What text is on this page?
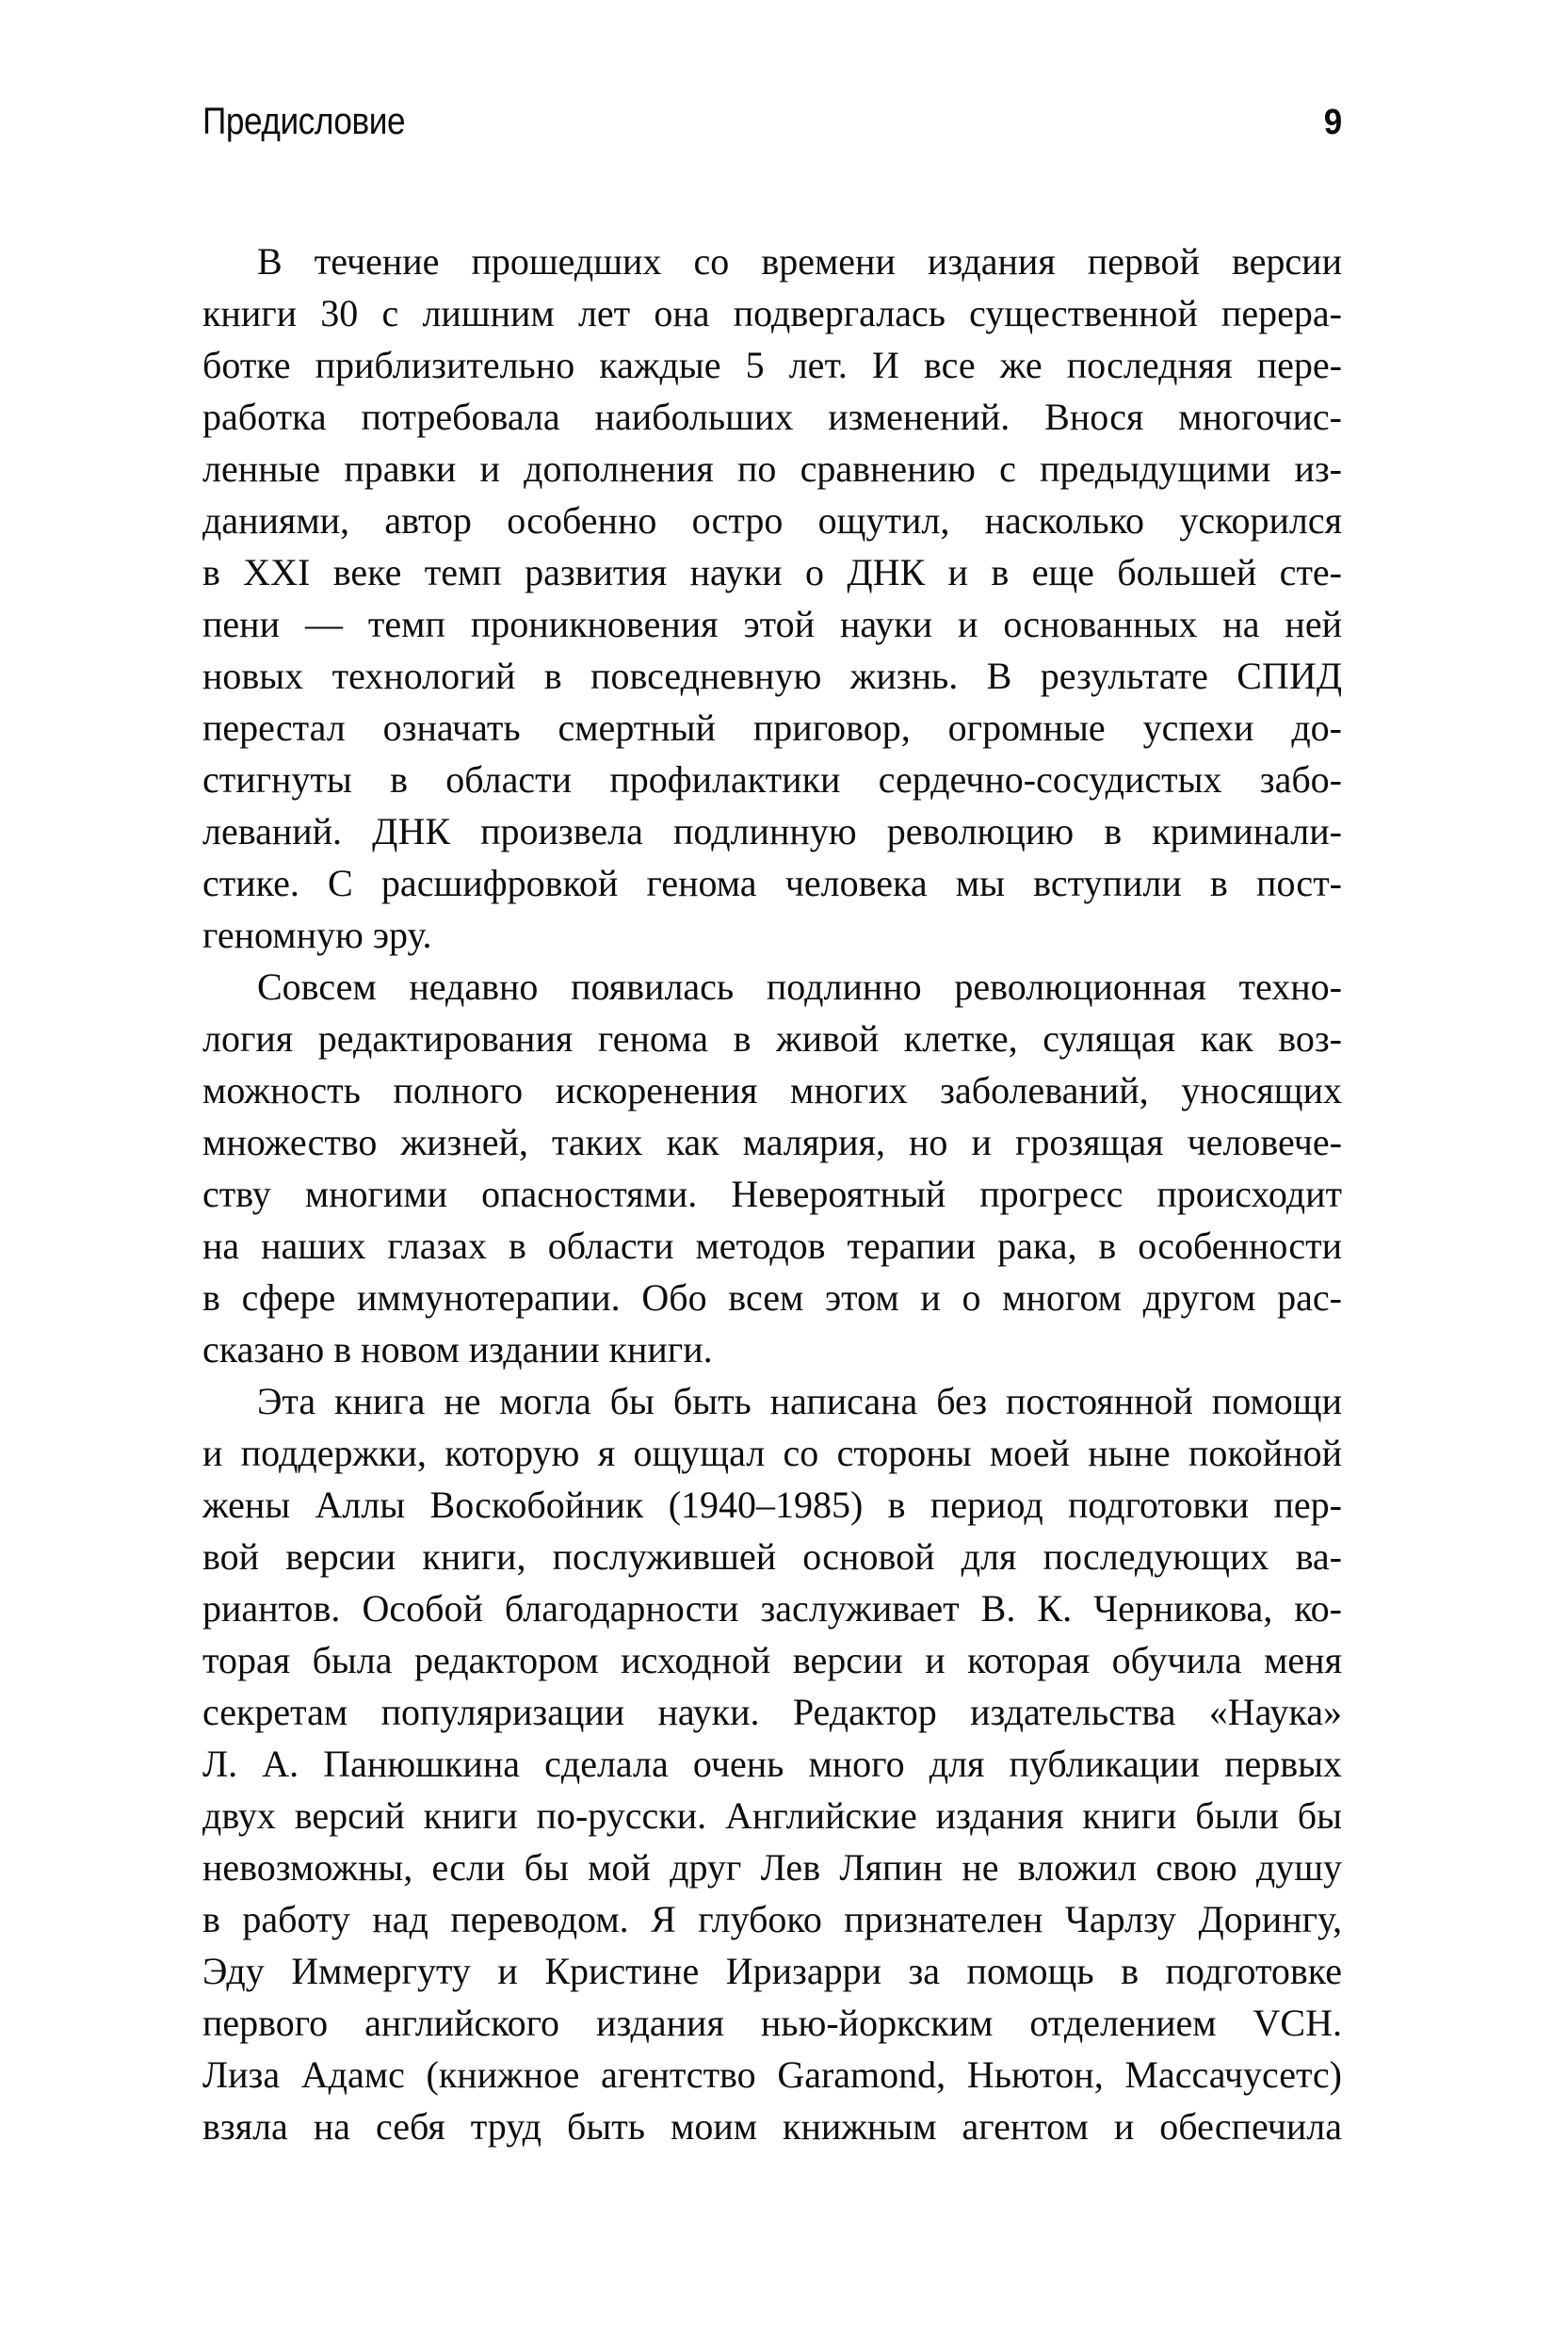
Предисловие	9
В течение прошедших со времени издания первой версии
книги 30 с лишним лет она подвергалась существенной перера-
ботке приблизительно каждые 5 лет. И все же последняя пере-
работка потребовала наибольших изменений. Внося многочис-
ленные правки и дополнения по сравнению с предыдущими из-
даниями, автор особенно остро ощутил, насколько ускорился
в XXI веке темп развития науки о ДНК и в еще большей сте-
пени — темп проникновения этой науки и основанных на ней
новых технологий в повседневную жизнь. В результате СПИД
перестал означать смертный приговор, огромные успехи до-
стигнуты в области профилактики сердечно-сосудистых забо-
леваний. ДНК произвела подлинную революцию в криминали-
стике. С расшифровкой генома человека мы вступили в пост-
геномную эру.
Совсем недавно появилась подлинно революционная техно-
логия редактирования генома в живой клетке, сулящая как воз-
можность полного искоренения многих заболеваний, уносящих
множество жизней, таких как малярия, но и грозящая человече-
ству многими опасностями. Невероятный прогресс происходит
на наших глазах в области методов терапии рака, в особенности
в сфере иммунотерапии. Обо всем этом и о многом другом рас-
сказано в новом издании книги.
Эта книга не могла бы быть написана без постоянной помощи
и поддержки, которую я ощущал со стороны моей ныне покойной
жены Аллы Воскобойник (1940–1985) в период подготовки пер-
вой версии книги, послужившей основой для последующих ва-
риантов. Особой благодарности заслуживает В. К. Черникова, ко-
торая была редактором исходной версии и которая обучила меня
секретам популяризации науки. Редактор издательства «Наука»
Л. А. Панюшкина сделала очень много для публикации первых
двух версий книги по-русски. Английские издания книги были бы
невозможны, если бы мой друг Лев Ляпин не вложил свою душу
в работу над переводом. Я глубоко признателен Чарлзу Дорингу,
Эду Иммергуту и Кристине Иризарри за помощь в подготовке
первого английского издания нью-йоркским отделением VCH.
Лиза Адамс (книжное агентство Garamond, Ньютон, Массачусетс)
взяла на себя труд быть моим книжным агентом и обеспечила
